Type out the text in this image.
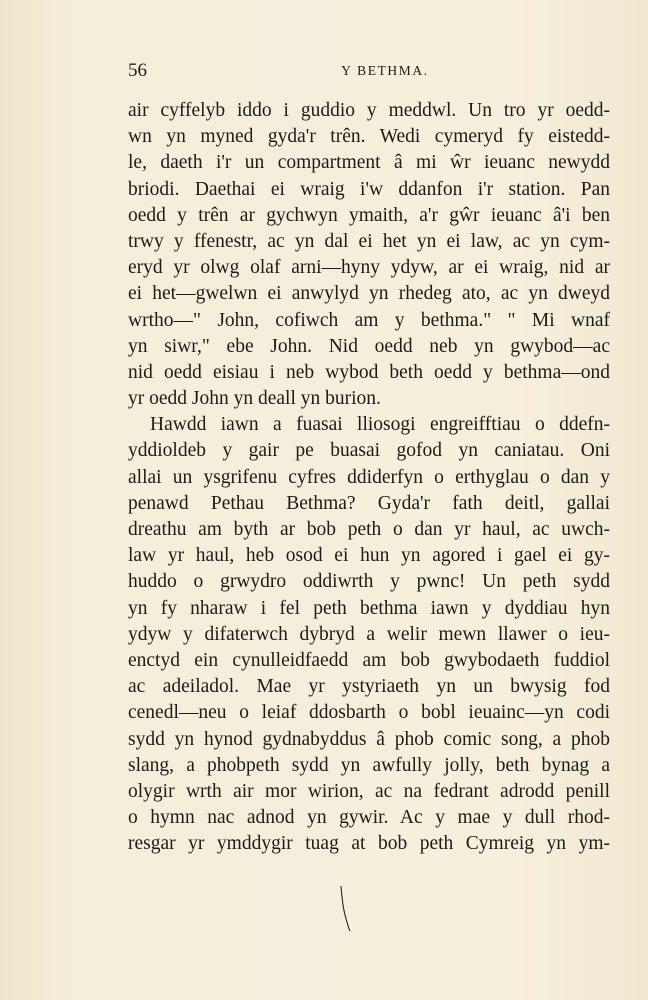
56	Y BETHMA.
air cyffelyb iddo i guddio y meddwl. Un tro yr oedd-
wn yn myned gyda'r trên. Wedi cymeryd fy eistedd-
le, daeth i'r un compartment â mi ŵr ieuanc newydd
briodi. Daethai ei wraig i'w ddanfon i'r station. Pan
oedd y trên ar gychwyn ymaith, a'r gŵr ieuanc â'i ben
trwy y ffenestr, ac yn dal ei het yn ei law, ac yn cym-
eryd yr olwg olaf arni—hyny ydyw, ar ei wraig, nid ar
ei het—gwelwn ei anwylyd yn rhedeg ato, ac yn dweyd
wrtho—" John, cofiwch am y bethma." " Mi wnaf
yn siwr," ebe John. Nid oedd neb yn gwybod—ac
nid oedd eisiau i neb wybod beth oedd y bethma—ond
yr oedd John yn deall yn burion.
Hawdd iawn a fuasai lliosogi engreifftiau o ddefn-
yddioldeb y gair pe buasai gofod yn caniatau. Oni
allai un ysgrifenu cyfres ddiderfyn o erthyglau o dan y
penawd Pethau Bethma? Gyda'r fath deitl, gallai
dreathu am byth ar bob peth o dan yr haul, ac uwch-
law yr haul, heb osod ei hun yn agored i gael ei gy-
huddo o grwydro oddiwrth y pwnc! Un peth sydd
yn fy nharaw i fel peth bethma iawn y dyddiau hyn
ydyw y difaterwch dybryd a welir mewn llawer o ieu-
enctyd ein cynulleidfaedd am bob gwybodaeth fuddiol
ac adeiladol. Mae yr ystyriaeth yn un bwysig fod
cenedl—neu o leiaf ddosbarth o bobl ieuainc—yn codi
sydd yn hynod gydnabyddus â phob comic song, a phob
slang, a phobpeth sydd yn awfully jolly, beth bynag a
olygir wrth air mor wirion, ac na fedrant adrodd penill
o hymn nac adnod yn gywir. Ac y mae y dull rhod-
resgar yr ymddygir tuag at bob peth Cymreig yn ym-
